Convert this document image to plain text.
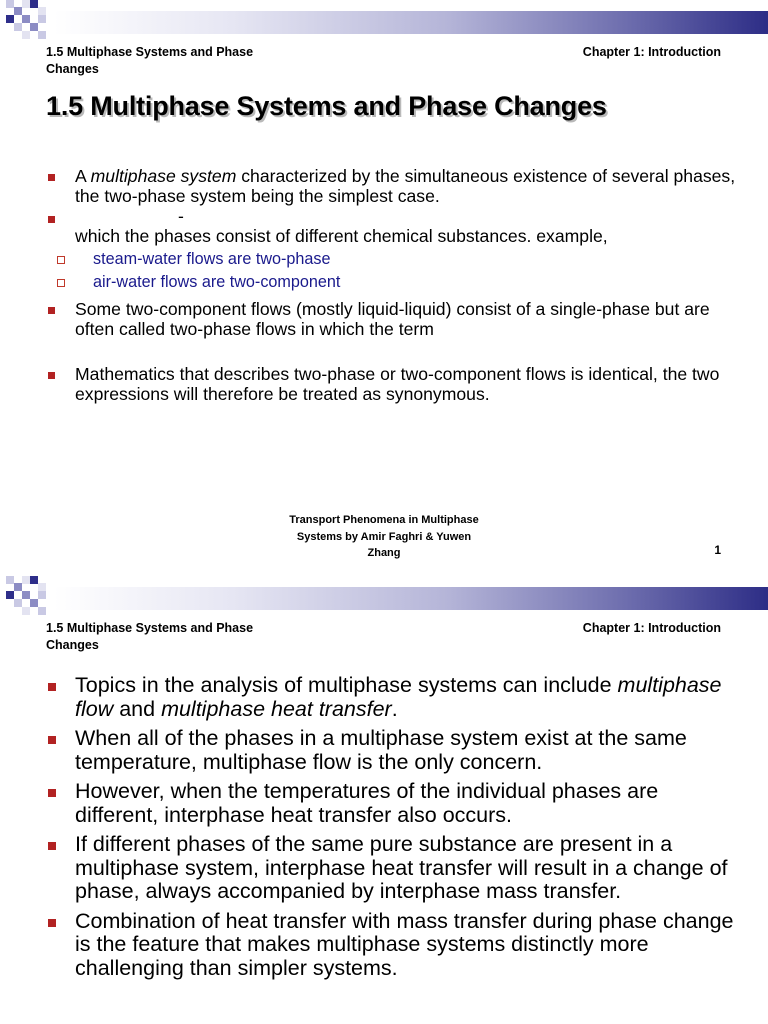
1.5 Multiphase Systems and Phase Changes
Chapter 1: Introduction
1.5 Multiphase Systems and Phase Changes
A multiphase system characterized by the simultaneous existence of several phases, the two-phase system being the simplest case.
-
which the phases consist of different chemical substances. example,
steam-water flows are two-phase
air-water flows are two-component
Some two-component flows (mostly liquid-liquid) consist of a single-phase but are often called two-phase flows in which the term
Mathematics that describes two-phase or two-component flows is identical, the two expressions will therefore be treated as synonymous.
Transport Phenomena in Multiphase
Systems by Amir Faghri & Yuwen
Zhang	1
1.5 Multiphase Systems and Phase Changes
Chapter 1: Introduction
Topics in the analysis of multiphase systems can include multiphase flow and multiphase heat transfer.
When all of the phases in a multiphase system exist at the same temperature, multiphase flow is the only concern.
However, when the temperatures of the individual phases are different, interphase heat transfer also occurs.
If different phases of the same pure substance are present in a multiphase system, interphase heat transfer will result in a change of phase, always accompanied by interphase mass transfer.
Combination of heat transfer with mass transfer during phase change is the feature that makes multiphase systems distinctly more challenging than simpler systems.
